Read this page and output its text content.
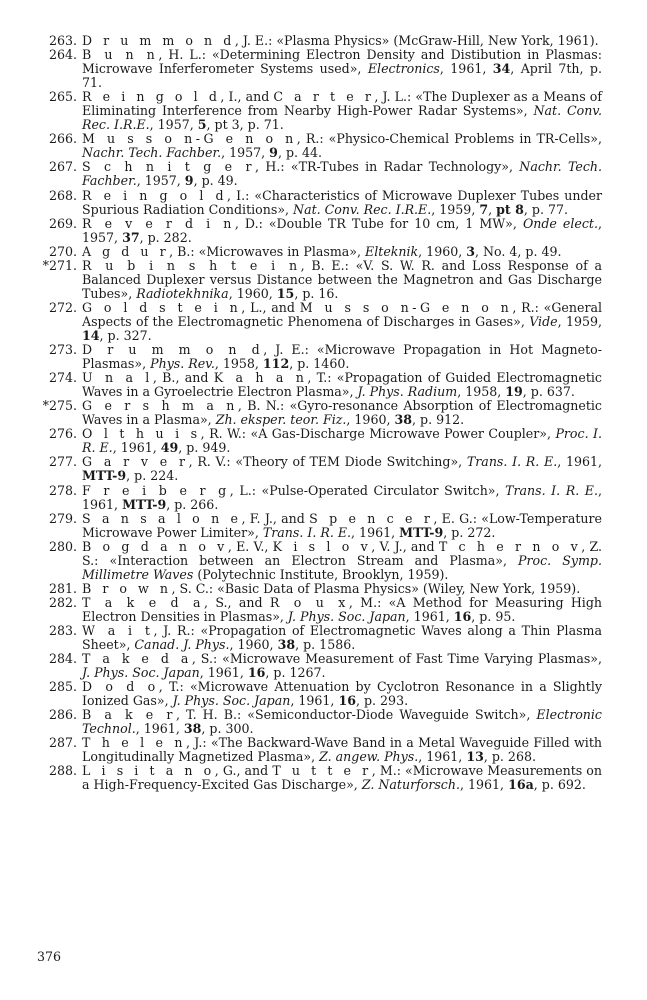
263. D r u m m o n d, J. E.: «Plasma Physics» (McGraw-Hill, New York, 1961).
264. B u n n, H. L.: «Determining Electron Density and Distibution in Plasmas: Microwave Inferferometer Systems used», Electronics, 1961, 34, April 7th, p. 71.
265. R e i n g o l d, I., and C a r t e r, J. L.: «The Duplexer as a Means of Eliminating Interference from Nearby High-Power Radar Systems», Nat. Conv. Rec. I.R.E., 1957, 5, pt 3, p. 71.
266. M u s s o n-G e n o n, R.: «Physico-Chemical Problems in TR-Cells», Nachr. Tech. Fachber., 1957, 9, p. 44.
267. S c h n i t g e r, H.: «TR-Tubes in Radar Technology», Nachr. Tech. Fachber., 1957, 9, p. 49.
268. R e i n g o l d, I.: «Characteristics of Microwave Duplexer Tubes under Spurious Radiation Conditions», Nat. Conv. Rec. I.R.E., 1959, 7, pt 8, p. 77.
269. R e v e r d i n, D.: «Double TR Tube for 10 cm, 1 MW», Onde elect., 1957, 37, p. 282.
270. A g d u r, B.: «Microwaves in Plasma», Elteknik, 1960, 3, No. 4, p. 49.
*271. R u b i n s h t e i n, B. E.: «V. S. W. R. and Loss Response of a Balanced Duplexer versus Distance between the Magnetron and Gas Discharge Tubes», Radiotekhnika, 1960, 15, p. 16.
272. G o l d s t e i n, L., and M u s s o n-G e n o n, R.: «General Aspects of the Electromagnetic Phenomena of Discharges in Gases», Vide, 1959, 14, p. 327.
273. D r u m m o n d, J. E.: «Microwave Propagation in Hot Magneto-Plasmas», Phys. Rev., 1958, 112, p. 1460.
274. U n a l, B., and K a h a n, T.: «Propagation of Guided Electromagnetic Waves in a Gyroelectrie Electron Plasma», J. Phys. Radium, 1958, 19, p. 637.
*275. G e r s h m a n, B. N.: «Gyro-resonance Absorption of Electromagnetic Waves in a Plasma», Zh. eksper. teor. Fiz., 1960, 38, p. 912.
276. O l t h u i s, R. W.: «A Gas-Discharge Microwave Power Coupler», Proc. I. R. E., 1961, 49, p. 949.
277. G a r v e r, R. V.: «Theory of TEM Diode Switching», Trans. I. R. E., 1961, MTT-9, p. 224.
278. F r e i b e r g, L.: «Pulse-Operated Circulator Switch», Trans. I. R. E., 1961, MTT-9, p. 266.
279. S a n s a l o n e, F. J., and S p e n c e r, E. G.: «Low-Temperature Microwave Power Limiter», Trans. I. R. E., 1961, MTT-9, p. 272.
280. B o g d a n o v, E. V., K i s l o v, V. J., and T c h e r n o v, Z. S.: «Interaction between an Electron Stream and Plasma», Proc. Symp. Millimetre Waves (Polytechnic Institute, Brooklyn, 1959).
281. B r o w n, S. C.: «Basic Data of Plasma Physics» (Wiley, New York, 1959).
282. T a k e d a, S., and R o u x, M.: «A Method for Measuring High Electron Densities in Plasmas», J. Phys. Soc. Japan, 1961, 16, p. 95.
283. W a i t, J. R.: «Propagation of Electromagnetic Waves along a Thin Plasma Sheet», Canad. J. Phys., 1960, 38, p. 1586.
284. T a k e d a, S.: «Microwave Measurement of Fast Time Varying Plasmas», J. Phys. Soc. Japan, 1961, 16, p. 1267.
285. D o d o, T.: «Microwave Attenuation by Cyclotron Resonance in a Slightly Ionized Gas», J. Phys. Soc. Japan, 1961, 16, p. 293.
286. B a k e r, T. H. B.: «Semiconductor-Diode Waveguide Switch», Electronic Technol., 1961, 38, p. 300.
287. T h e l e n, J.: «The Backward-Wave Band in a Metal Waveguide Filled with Longitudinally Magnetized Plasma», Z. angew. Phys., 1961, 13, p. 268.
288. L i s i t a n o, G., and T u t t e r, M.: «Microwave Measurements on a High-Frequency-Excited Gas Discharge», Z. Naturforsch., 1961, 16a, p. 692.
376
